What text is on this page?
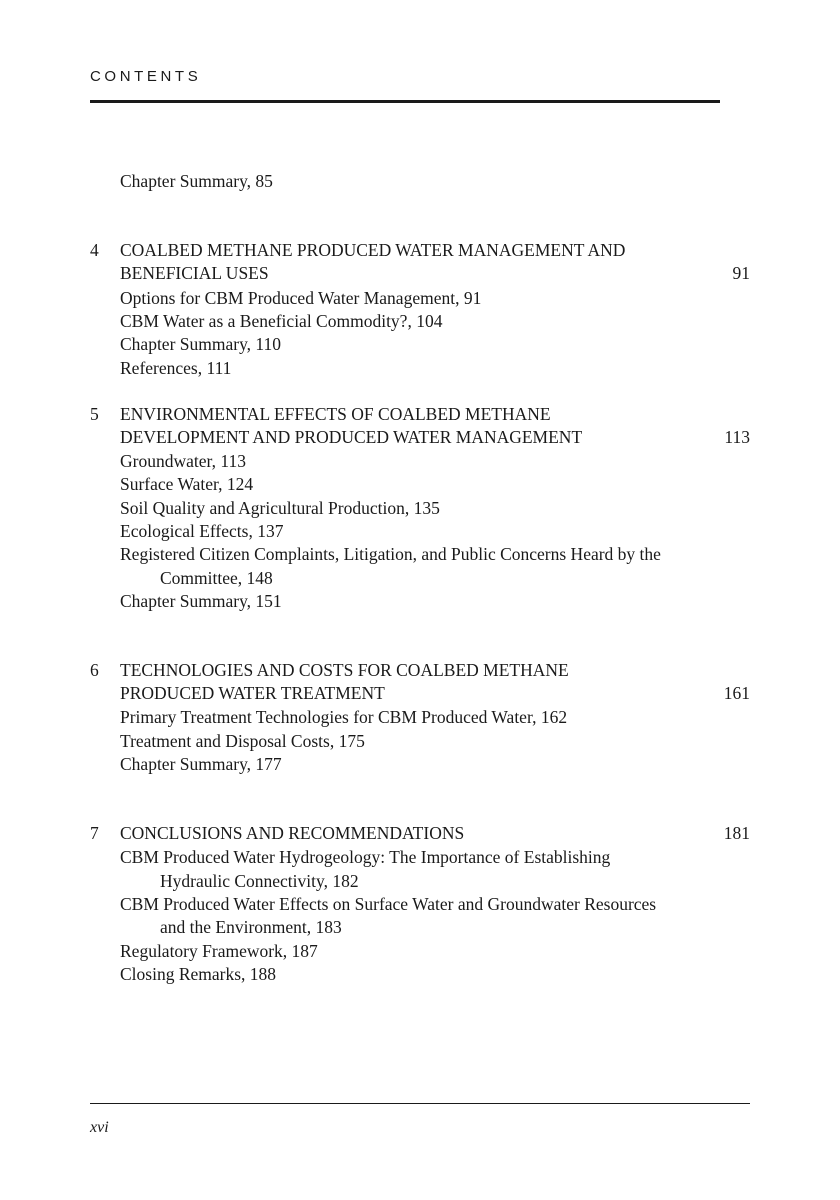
CONTENTS
Chapter Summary, 85
4 COALBED METHANE PRODUCED WATER MANAGEMENT AND
BENEFICIAL USES	91
Options for CBM Produced Water Management, 91
CBM Water as a Beneficial Commodity?, 104
Chapter Summary, 110
References, 111
5 ENVIRONMENTAL EFFECTS OF COALBED METHANE
DEVELOPMENT AND PRODUCED WATER MANAGEMENT	113
Groundwater, 113
Surface Water, 124
Soil Quality and Agricultural Production, 135
Ecological Effects, 137
Registered Citizen Complaints, Litigation, and Public Concerns Heard by the
Committee, 148
Chapter Summary, 151
6 TECHNOLOGIES AND COSTS FOR COALBED METHANE
PRODUCED WATER TREATMENT	161
Primary Treatment Technologies for CBM Produced Water, 162
Treatment and Disposal Costs, 175
Chapter Summary, 177
7 CONCLUSIONS AND RECOMMENDATIONS	181
CBM Produced Water Hydrogeology: The Importance of Establishing
Hydraulic Connectivity, 182
CBM Produced Water Effects on Surface Water and Groundwater Resources
and the Environment, 183
Regulatory Framework, 187
Closing Remarks, 188
xvi
